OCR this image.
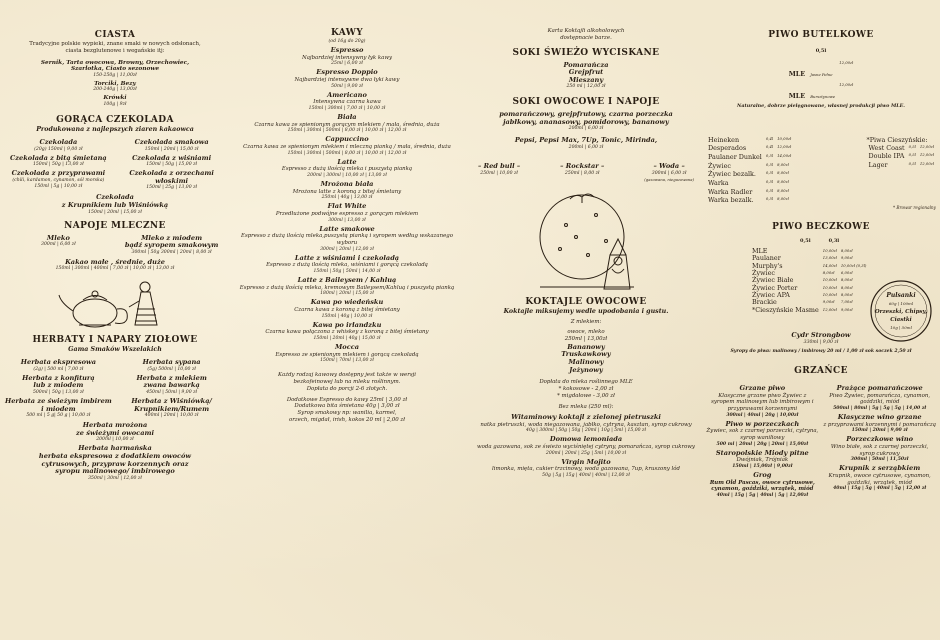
CIASTA

Tradycyjne polskie wypieki, znane smaki w nowych odsłonach,

ciasta bezglutenowe i wegańskie itj:

Sernik, Tarta owocowa, Browny, Orzechowiec,
Szarlotka, Ciasto sezonowe
150-250g | 11,00zł
Torciki, Bezy
200-240g | 13,00zł
Krówki
100g | 9zł
GORĄCA CZEKOLADA
Produkowana z najlepszych ziaren kakaowca
Czekolada
(20g) 150ml | 9,00 zł
Czekolada z bitą śmietaną
150ml | 50g | 13,00 zł
Czekolada z przyprawami
(chili, kardamon, cynamon, sól morska)
150ml | 5g | 10,00 zł
Czekolada smakowa
150ml | 20ml | 15,00 zł
Czekolada z wiśniami
150ml | 50g | 15,00 zł
Czekolada z orzechami
włoskimi
150ml | 25g | 13,00 zł
Czekolada
z Krupnikiem lub Wiśniówką
150ml | 20ml | 15,00 zł
NAPOJE MLECZNE
Mleko
300ml | 6,00 zł
Mleko z miodem
bądź syropem smakowym
300ml | 50g 300ml | 20ml | 8,00 zł
Kakao małe , średnie, duże
150ml | 300ml | 400ml | 7,00 zł | 10,00 zł | 13,00 zł
HERBATY I NAPARY ZIOŁOWE
Gama Smaków Wszelakich
Herbata ekspresowa
(2g) | 500 ml | 7,00 zł
Herbata z konfiturą
lub z miodem
500ml | 50g | 13,00 zł
Herbata ze świeżym imbirem
i miodem
500 ml | 5 g| 50 g | 10,00 zł
Herbata sypana
(5g) 500ml | 10,00 zł
Herbata z mlekiem
zwana bawarką
450ml | 50ml | 9,00 zł
Herbata z Wiśniówką/
Krupnikiem/Rumem
400ml | 20ml | 10,00 zł
Herbata mrożona
ze świeżymi owocami
200ml | 10,00 zł
Herbata harmańska
herbata ekspresowa z dodatkiem owoców
cytrusowych, przypraw korzennych oraz
syropu malinowego/ imbirowego
350ml | 30ml | 12,00 zł
KAWY
(od 16g do 20g)
Espresso

Najbardziej intensywny łyk kawy

25ml | 6,00 zł
Espresso Doppio

Najbardziej intensywne dwa łyki kawy

50ml | 9,00 zł
Americano

Intensywna czarna kawa

150ml | 300ml | 7,00 zł | 10,00 zł
Biała

Czarna kawa ze spienionym gorącym mlekiem / mała, średnia, duża

150ml | 300ml | 500ml | 8,00 zł | 10,00 zł | 12,00 zł
Cappuccino

Czarna kawa ze spienionym mlekiem i mleczną pianką / mała, średnia, duża

150ml | 300ml | 500ml | 8,00 zł | 10,00 zł | 12,00 zł
Latte

Espresso z dużą ilością mleka i puszystą pianką

200ml | 300ml | 10,00 zł | 13,00 zł
Mrożona biała

Mrożona latte z koroną z bitej śmietany

250ml | 40g | 13,00 zł
Flat White

Przedłużone podwójne espresso z gorącym mlekiem

300ml | 13,00 zł
Latte smakowe

Espresso z dużą ilością mleka,puszystą pianką i syropem według wskazanego wyboru

300ml | 20ml | 12,00 zł
Latte z wiśniami i czekoladą

Espresso z dużą ilością mleka, wiśniami i gorącą czekoladą

150ml | 50g | 50ml | 14,00 zł
Latte z Baileysem / Kahluą

Espresso z dużą ilością mleka, kremowym Baileysem/Kahluą i puszystą pianką

180ml | 20ml | 15,00 zł
Kawa po wiedeńsku

Czarna kawa z koroną z bitej śmietany

150ml | 40g | 10,00 zł
Kawa po irlandzku

Czarna kawa połączona z whiskey z koroną z bitej śmietany

150ml | 20ml | 40g | 15,00 zł
Mocca

Espresso ze spienionym mlekiem i gorącą czekoladą

150ml | 70ml | 13,00 zł

Każdy rodzaj kawowy dostępny jest także w wersji

bezkofeinowej lub na mleku roślinnym.

Dopłata do porcji 2-6 złotych.

Dodatkowe Espresso do kawy 25ml | 3,00 zł

Dodatkowa bita śmietana 40g | 3,00 zł

Syrop smakowy np: wanilia, karmel,

orzech, migdał, irish, kokos 20 ml | 2,00 zł

Karta Koktajli alkoholowych

dostępnacie barze.

SOKI ŚWIEŻO WYCISKANE
Pomarańcza
Grejpfrut
Mieszany
250 ml | 12,00 zł
SOKI OWOCOWE I NAPOJE
pomarańczowy, grejpfrutowy, czarna porzeczka
jabłkowy, ananasowy, pomidorowy, bananowy
200ml | 6,00 zł
Pepsi, Pepsi Max, 7Up, Tonic, Mirinda,
200ml | 6,00 zł
– Red bull –
250ml | 10,00 zł
– Rockstar –
250ml | 8,00 zł
– Woda –
300ml | 6,00 zł
(gazowana, niegazowana)
KOKTAJLE OWOCOWE
Koktajle miksujemy wedle upodobania i gustu.

Z mlekiem:

owoce, mleko

250ml | 13,00zł

Bananowy
Truskawkowy
Malinowy
Jeżynowy

Dopłata do mleka roślinnego MLE

* kokosowe - 2,00 zł

* migdałowe - 3,00 zł

Bez mleka (250 ml):

Witaminowy koktajl z zielonej pietruszki

natka pietruszki, woda niegazowana, jabłko, cytryna, kasztan, syrop cukrowy

40g | 300ml | 50g | 50g | 20ml | 10g | 5ml | 15,00 zł
Domowa lemoniada

woda gazowana, sok ze świeżo wyciśniętej cytryny, pomarańcza, syrop cukrowy

200ml | 20ml | 25g | 5ml | 10,00 zł
Virgin Mojito

limonka, mięta, cukier trzcinowy, woda gazowana, 7up, kruszony lód

50g | 5g | 15g | 40ml | 40ml | 12,00 zł
PIWO BUTELKOWE
0,5l
MLE Jasne Pełne	12,00zł
MLE Bursztynowe	12,00zł
Naturalne, dobrze pielęgnowane, własnej produkcji piwo MLE.
Heineken	0,4l	10,00zł
Desperados	0,4l	12,00zł
Paulaner Dunkel	0,5l	14,00zł
Żywiec	0,5l	8,00zł
Żywiec bezalk.	0,5l	8,00zł
Warka	0,5l	8,00zł
Warka Radler	0,5l	8,00zł
Warka bezalk.	0,5l	8,00zł
*Piwa Cieszyńskie:
West Coast	0,5l	12,00zł
Double IPA	0,5l	12,00zł
Lager	0,5l	12,00zł
* Browar regionalny
PIWO BECZKOWE
0,5l	0,3l
MLE	10,00zł	8,00zł
Paulaner	13,00zł	9,00zł
Murphy's	14,00zł	10,00zł (0,3l)
Żywiec	8,00zł	6,00zł
Żywiec Białe	10,00zł	8,00zł
Żywiec Porter	10,00zł	8,00zł
Żywiec APA	10,00zł	8,00zł
Brackie	9,00zł	7,00zł
*Cieszyńskie Masme	12,00zł	9,00zł
Pulsanki
60g | 100ml
Orzeszki, Chipsy,
Ciastki
10g | 50ml
Cydr Strongbow
330ml | 9,00 zł
Syropy do piwa: malinowy / imbirowy 20 ml / 1,00 zł sok soczek 2,50 zł
GRZAŃCE
Grzane piwo

Klasyczne grzane piwo Żywiec z syropem malinowym lub imbirowym i przyprawami korzennymi

300ml | 40ml | 20g | 10,00zł
Piwo w porzeczkach

Żywiec, sok z czarnej porzeczki, cytryna, syrop waniliowy

500 ml | 20ml | 20g | 20ml | 15,00zł
Staropolskie Miody pitne

Dwójniak, Trójniak

150ml | 15,00zł | 9,00zł
Grog

Rum Old Pascas, owoce cytrusowe, cynamon, goździki, wrzątek, miód

40ml | 15g | 5g | 40ml | 5g | 12,00zł
Prażące pomarańczowe

Piwo Żywiec, pomarańcza, cynamon, goździki, miód

500ml | 80ml | 5g | 5g | 5g | 14,00 zł
Klasyczne wino grzane

z przyprawami korzennymi i pomarańczą

150ml | 20ml | 9,00 zł
Porzeczkowe wino

Wino białe, sok z czarnej porzeczki, syrop cukrowy

300ml | 50ml | 11,50zł
Krupnik z serząbkiem

Krupnik, owoce cytrusowe, cynamon, goździki, wrzątek, miód

40ml | 15g | 5g | 40ml | 5g | 12,00 zł
